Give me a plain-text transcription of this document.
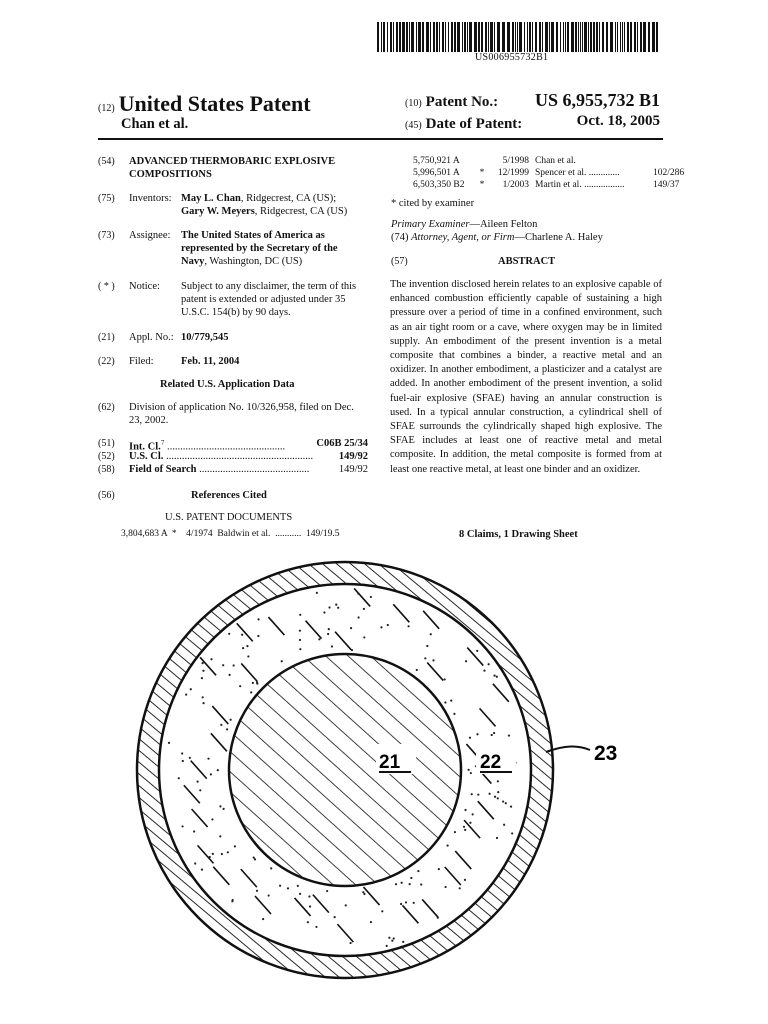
US006955732B1
(12) United States Patent
Chan et al.
(10) Patent No.: US 6,955,732 B1
(45) Date of Patent:	Oct. 18, 2005
(54) ADVANCED THERMOBARIC EXPLOSIVE
COMPOSITIONS
(75) Inventors: May L. Chan, Ridgecrest, CA (US);
Gary W. Meyers, Ridgecrest, CA (US)
(73) Assignee: The United States of America as
represented by the Secretary of the
Navy, Washington, DC (US)
( * ) Notice: Subject to any disclaimer, the term of this
patent is extended or adjusted under 35
U.S.C. 154(b) by 90 days.
(21) Appl. No.: 10/779,545
(22) Filed:	Feb. 11, 2004
Related U.S. Application Data
(62) Division of application No. 10/326,958, filed on Dec.
23, 2002.
(51) Int. Cl.$^7$ .............................................	C06B 25/34
(52) U.S. Cl. ........................................................	149/92
(58) Field of Search ..........................................	149/92
(56)	References Cited
U.S. PATENT DOCUMENTS
3,804,683 A  *    4/1974  Baldwin et al.  ...........  149/19.5
5,750,921 A	5/1998 Chan et al.
5,996,501 A	*	12/1999 Spencer et al. .............	102/286
6,503,350 B2	*	1/2003 Martin et al. .................	149/37
* cited by examiner
Primary Examiner—Aileen Felton
(74) Attorney, Agent, or Firm—Charlene A. Haley
(57)	ABSTRACT
The invention disclosed herein relates to an explosive capable of enhanced combustion efficiently capable of sustaining a high pressure over a period of time in a confined environment, such as an air tight room or a cave, where oxygen may be in limited supply. An embodiment of the present invention is a metal composite that combines a binder, a reactive metal and an oxidizer. In another embodiment, a plasticizer and a catalyst are added. In another embodiment of the present invention, a solid fuel-air explosive (SFAE) having an annular construction is used. In a typical annular construction, a cylindrical shell of SFAE surrounds the cylindrically shaped high explosive. The SFAE includes at least one of reactive metal and metal composite. In addition, the metal composite is formed from at least one reactive metal, at least one binder and an oxidizer.
8 Claims, 1 Drawing Sheet
21	22	23
